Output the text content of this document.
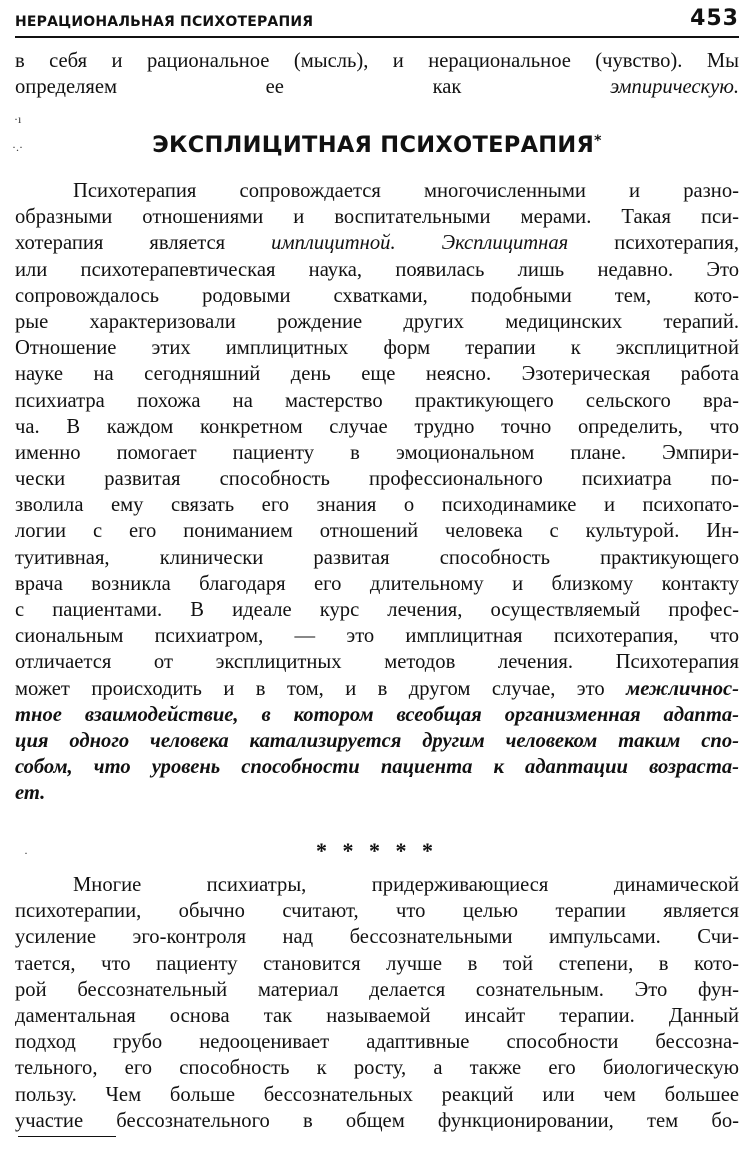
НЕРАЦИОНАЛЬНАЯ ПСИХОТЕРАПИЯ	453
в себя и рациональное (мысль), и нерациональное (чувство). Мы
определяем ее как эмпирическую.
·ı
·.·	ЭКСПЛИЦИТНАЯ ПСИХОТЕРАПИЯ*
Психотерапия сопровождается многочисленными и разно-
образными отношениями и воспитательными мерами. Такая пси-
хотерапия является имплицитной. Эксплицитная психотерапия,
или психотерапевтическая наука, появилась лишь недавно. Это
сопровождалось родовыми схватками, подобными тем, кото-
рые характеризовали рождение других медицинских терапий.
Отношение этих имплицитных форм терапии к эксплицитной
науке на сегодняшний день еще неясно. Эзотерическая работа
психиатра похожа на мастерство практикующего сельского вра-
ча. В каждом конкретном случае трудно точно определить, что
именно помогает пациенту в эмоциональном плане. Эмпири-
чески развитая способность профессионального психиатра по-
зволила ему связать его знания о психодинамике и психопато-
логии с его пониманием отношений человека с культурой. Ин-
туитивная, клинически развитая способность практикующего
врача возникла благодаря его длительному и близкому контакту
с пациентами. В идеале курс лечения, осуществляемый профес-
сиональным психиатром, — это имплицитная психотерапия, что
отличается от эксплицитных методов лечения. Психотерапия
может происходить и в том, и в другом случае, это межличнос-
тное взаимодействие, в котором всеобщая организменная адапта-
ция одного человека катализируется другим человеком таким спо-
собом, что уровень способности пациента к адаптации возраста-
ет.
* * * * *
·
Многие психиатры, придерживающиеся динамической
психотерапии, обычно считают, что целью терапии является
усиление эго-контроля над бессознательными импульсами. Счи-
тается, что пациенту становится лучше в той степени, в кото-
рой бессознательный материал делается сознательным. Это фун-
даментальная основа так называемой инсайт терапии. Данный
подход грубо недооценивает адаптивные способности бессозна-
тельного, его способность к росту, а также его биологическую
пользу. Чем больше бессознательных реакций или чем большее
участие бессознательного в общем функционировании, тем бо-
